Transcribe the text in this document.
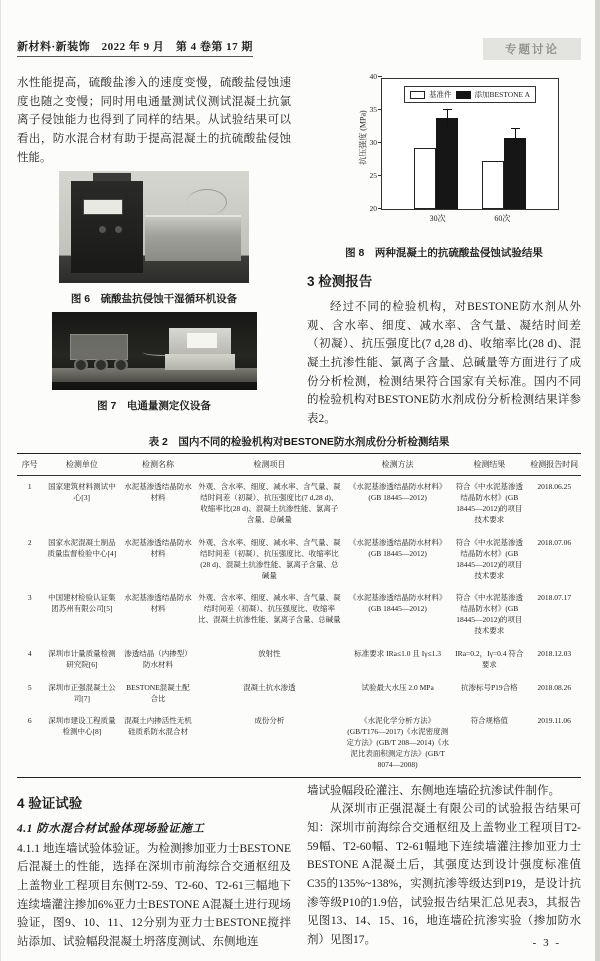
新材料·新装饰　2022 年 9 月　第 4 卷第 17 期	专题讨论

水性能提高，硫酸盐渗入的速度变慢，硫酸盐侵蚀速度也随之变慢；同时用电通量测试仪测试混凝土抗氯离子侵蚀能力也得到了同样的结果。从试验结果可以看出，防水混合材有助于提高混凝土的抗硫酸盐侵蚀性能。

图 6　硫酸盐抗侵蚀干湿循环机设备
图 7　电通量测定仪设备
抗压强度 (MPa)
基准件	添加BESTONE A
20
25
30
35
40
30次	60次
图 8　两种混凝土的抗硫酸盐侵蚀试验结果
3 检测报告

经过不同的检验机构，对BESTONE防水剂从外观、含水率、细度、减水率、含气量、凝结时间差（初凝）、抗压强度比(7 d,28 d)、收缩率比(28 d)、混凝土抗渗性能、氯离子含量、总碱量等方面进行了成份分析检测，检测结果符合国家有关标准。国内不同的检验机构对BESTONE防水剂成份分析检测结果详参表2。

表 2　国内不同的检验机构对BESTONE防水剂成份分析检测结果
序号	检测单位	检测名称	检测项目	检测方法	检测结果	检测报告时间
1	国家建筑材料测试中心[3]	水泥基渗透结晶防水材料	外观、含水率、细度、减水率、含气量、凝结时间差（初凝）、抗压强度比(7 d,28 d)、收缩率比(28 d)、混凝土抗渗性能、氯离子含量、总碱量	《水泥基渗透结晶防水材料》(GB 18445—2012)	符合《中水泥基渗透结晶防水材》(GB 18445—2012)的项目技术要求	2018.06.25
2	国家水泥混凝土制品质量监督检验中心[4]	水泥基渗透结晶防水材料	外观、含水率、细度、减水率、含气量、凝结时间差（初凝）、抗压强度比、收缩率比(28 d)、混凝土抗渗性能、氯离子含量、总碱量	《水泥基渗透结晶防水材料》(GB 18445—2012)	符合《中水泥基渗透结晶防水材》(GB 18445—2012)的项目技术要求	2018.07.06
3	中国建材检验认证集团苏州有限公司[5]	水泥基渗透结晶防水材料	外观、含水率、细度、减水率、含气量、凝结时间差（初凝）、抗压强度比、收缩率比、混凝土抗渗性能、氯离子含量、总碱量	《水泥基渗透结晶防水材料》(GB 18445—2012)	符合《中水泥基渗透结晶防水材》(GB 18445—2012)的项目技术要求	2018.07.17
4	深圳市计量质量检测研究院[6]	渗透结晶（内掺型）防水材料	放射性	标准要求 IRa≤1.0 且 Iγ≤1.3	IRa=0.2，Iγ=0.4 符合要求	2018.12.03
5	深圳市正强混凝土公司[7]	BESTONE混凝土配合比	混凝土抗水渗透	试验最大水压 2.0 MPa	抗渗标号P19合格	2018.08.26
6	深圳市建设工程质量检测中心[8]	混凝土内掺活性无机硅质系防水混合材	成份分析	《水泥化学分析方法》(GB/T176—2017)《水泥密度测定方法》(GB/T 208—2014)《水泥比表面积测定方法》(GB/T 8074—2008)	符合规格值	2019.11.06
4 验证试验
4.1 防水混合材试验体现场验证施工

4.1.1 地连墙试验体验证。为检测掺加亚力士BESTONE后混凝土的性能，选择在深圳市前海综合交通枢纽及上盖物业工程项目东侧T2-59、T2-60、T2-61三幅地下连续墙灌注掺加6%亚力士BESTONE A混凝土进行现场验证，图9、10、11、12分别为亚力士BESTONE搅拌站添加、试验幅段混凝土坍落度测试、东侧地连

墙试验幅段砼灌注、东侧地连墙砼抗渗试件制作。

从深圳市正强混凝土有限公司的试验报告结果可知：深圳市前海综合交通枢纽及上盖物业工程项目T2-59幅、T2-60幅、T2-61幅地下连续墙灌注掺加亚力士BESTONE A混凝土后，其强度达到设计强度标准值C35的135%~138%，实测抗渗等级达到P19，是设计抗渗等级P10的1.9倍，试验报告结果汇总见表3，其报告见图13、14、15、16，地连墙砼抗渗实验（掺加防水剂）见图17。	- 3 -
